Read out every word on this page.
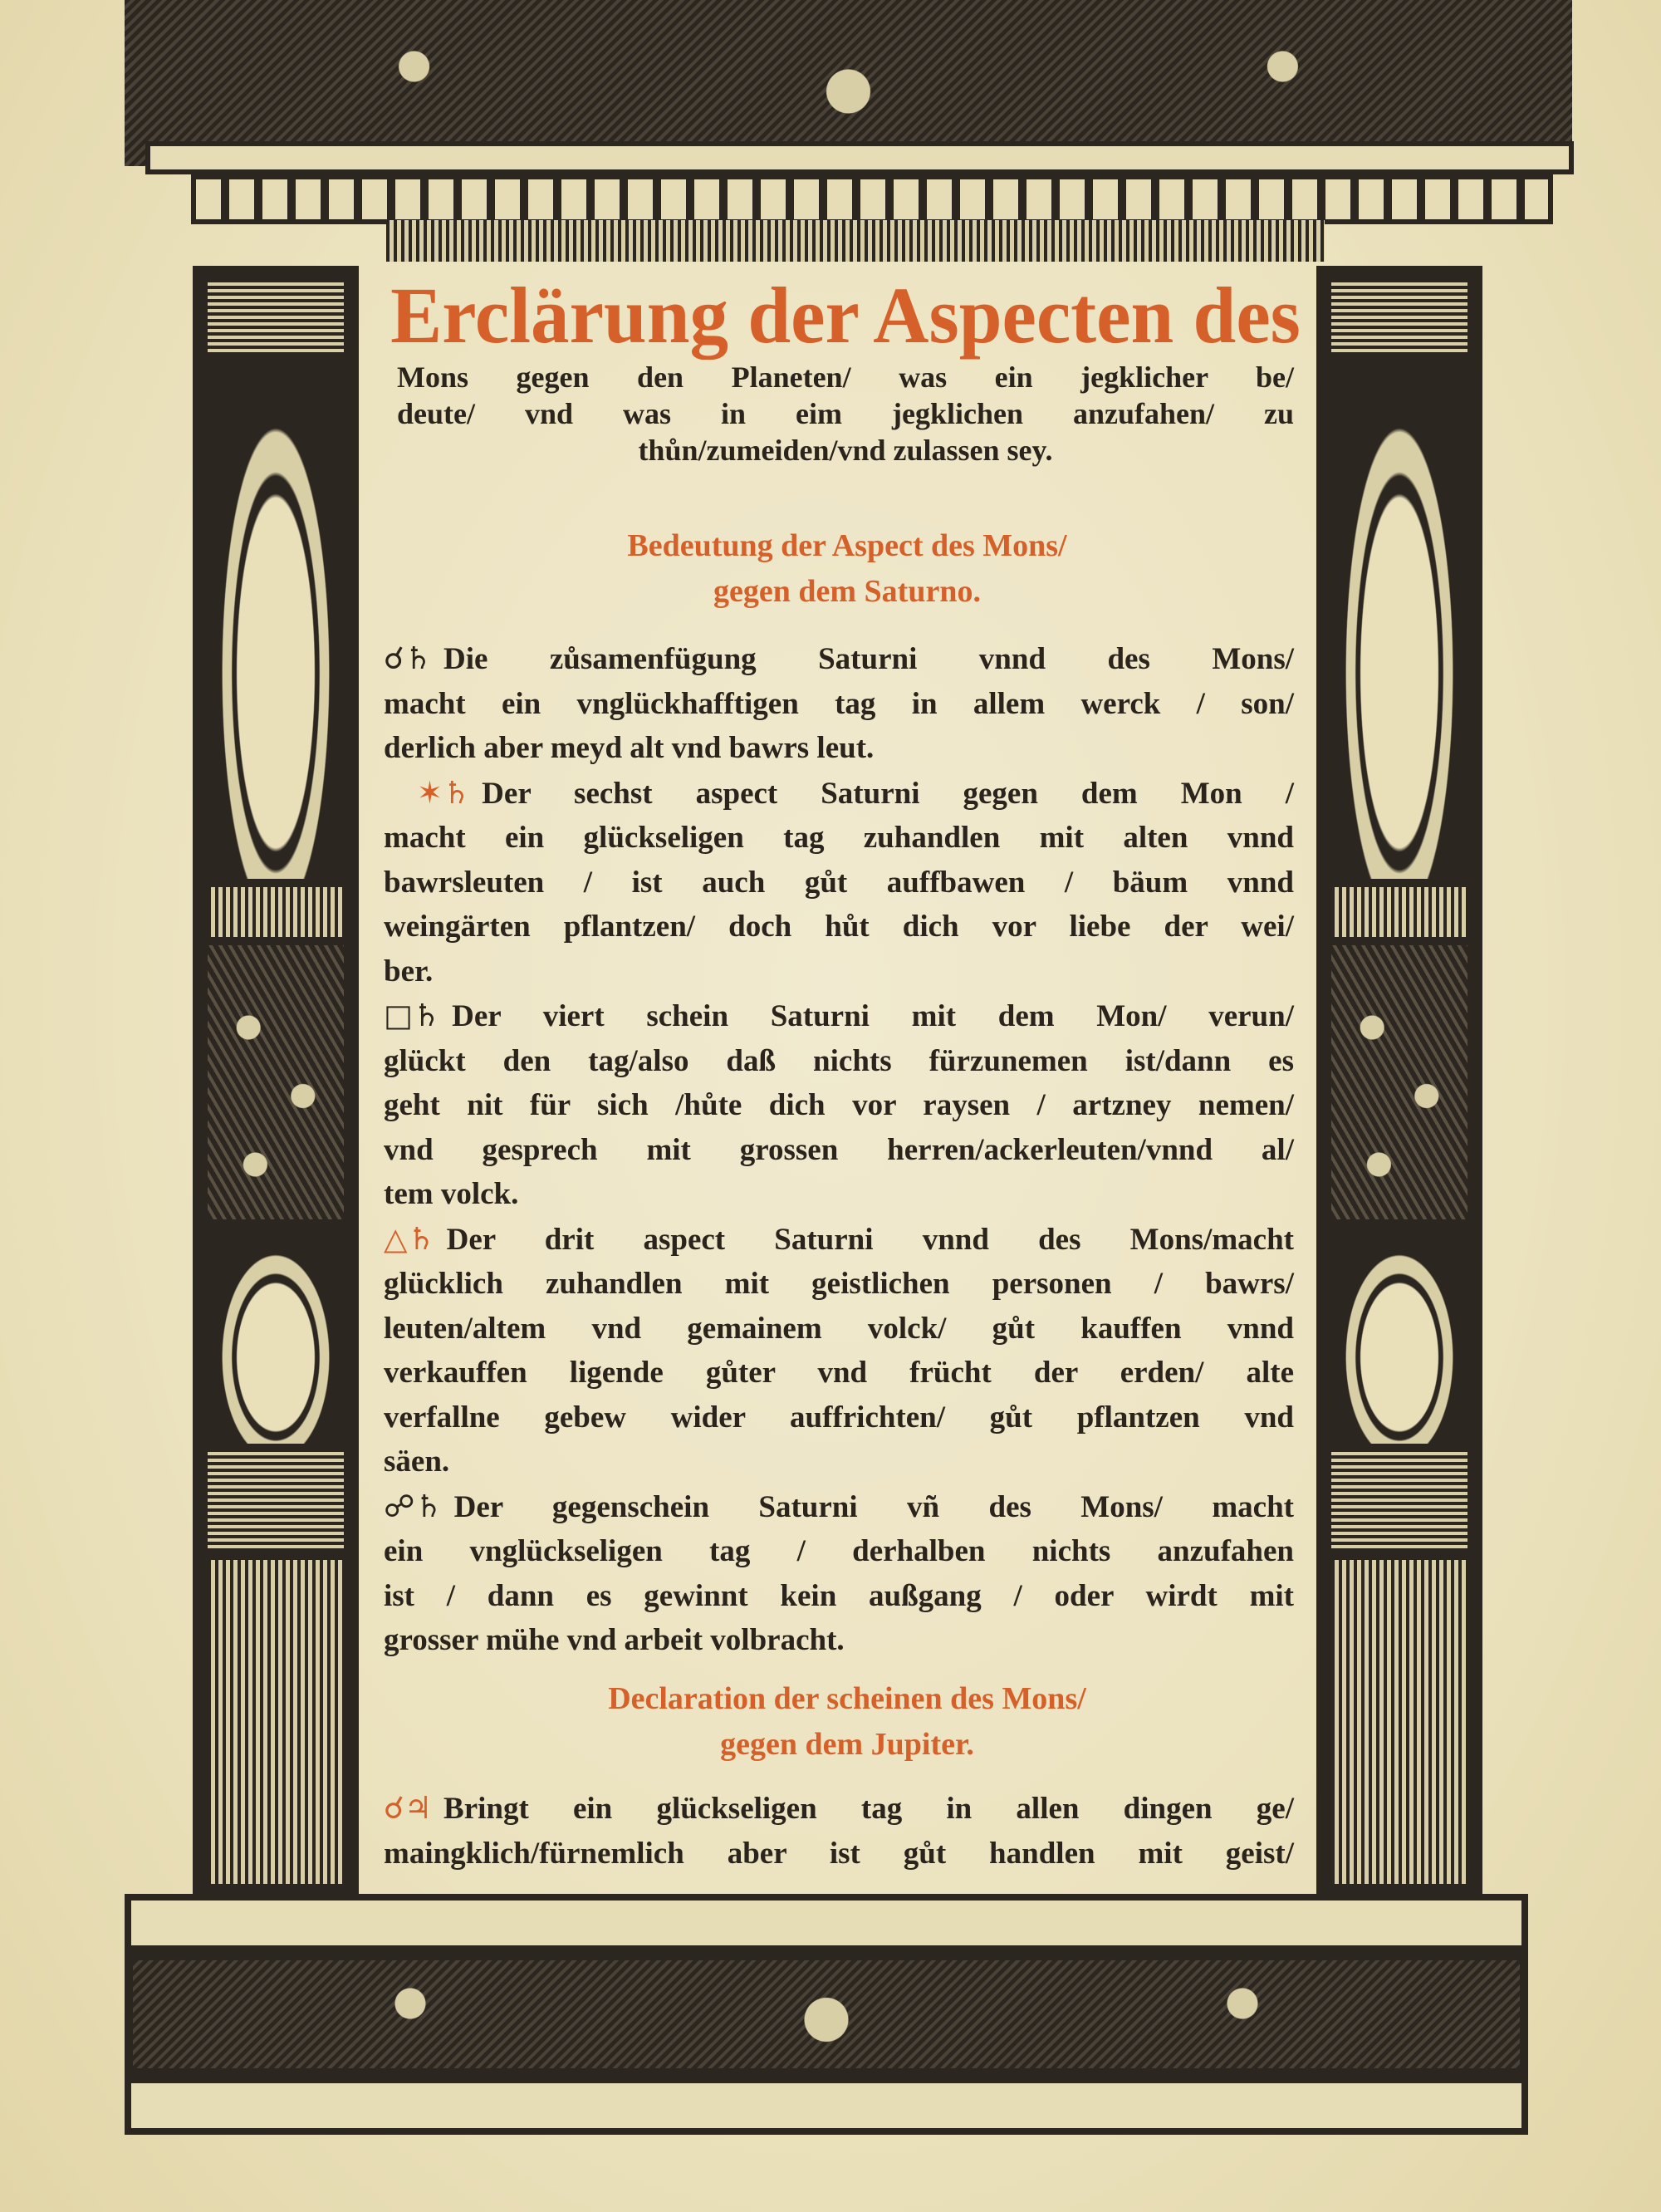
Erclärung der Aspecten des
Mons gegen den Planeten/ was ein jegklicher be/
deute/ vnd was in eim jegklichen anzufahen/ zu
thůn/zumeiden/vnd zulassen sey.
Bedeutung der Aspect des Mons/
gegen dem Saturno.
☌♄ Die zůsamenfügung Saturni vnnd des Mons/
macht ein vnglückhafftigen tag in allem werck / son/
derlich aber meyd alt vnd bawrs leut.
✶♄ Der sechst aspect Saturni gegen dem Mon /
macht ein glückseligen tag zuhandlen mit alten vnnd
bawrsleuten / ist auch gůt auffbawen / bäum vnnd
weingärten pflantzen/ doch hůt dich vor liebe der wei/
ber.
□♄ Der viert schein Saturni mit dem Mon/ verun/
glückt den tag/also daß nichts fürzunemen ist/dann es
geht nit für sich /hůte dich vor raysen / artzney nemen/
vnd gesprech mit grossen herren/ackerleuten/vnnd al/
tem volck.
△♄ Der drit aspect Saturni vnnd des Mons/macht
glücklich zuhandlen mit geistlichen personen / bawrs/
leuten/altem vnd gemainem volck/ gůt kauffen vnnd
verkauffen ligende gůter vnd frücht der erden/ alte
verfallne gebew wider auffrichten/ gůt pflantzen vnd
säen.
☍♄ Der gegenschein Saturni vñ des Mons/ macht
ein vnglückseligen tag / derhalben nichts anzufahen
ist / dann es gewinnt kein außgang / oder wirdt mit
grosser mühe vnd arbeit volbracht.
Declaration der scheinen des Mons/
gegen dem Jupiter.
☌♃ Bringt ein glückseligen tag in allen dingen ge/
maingklich/fürnemlich aber ist gůt handlen mit geist/
